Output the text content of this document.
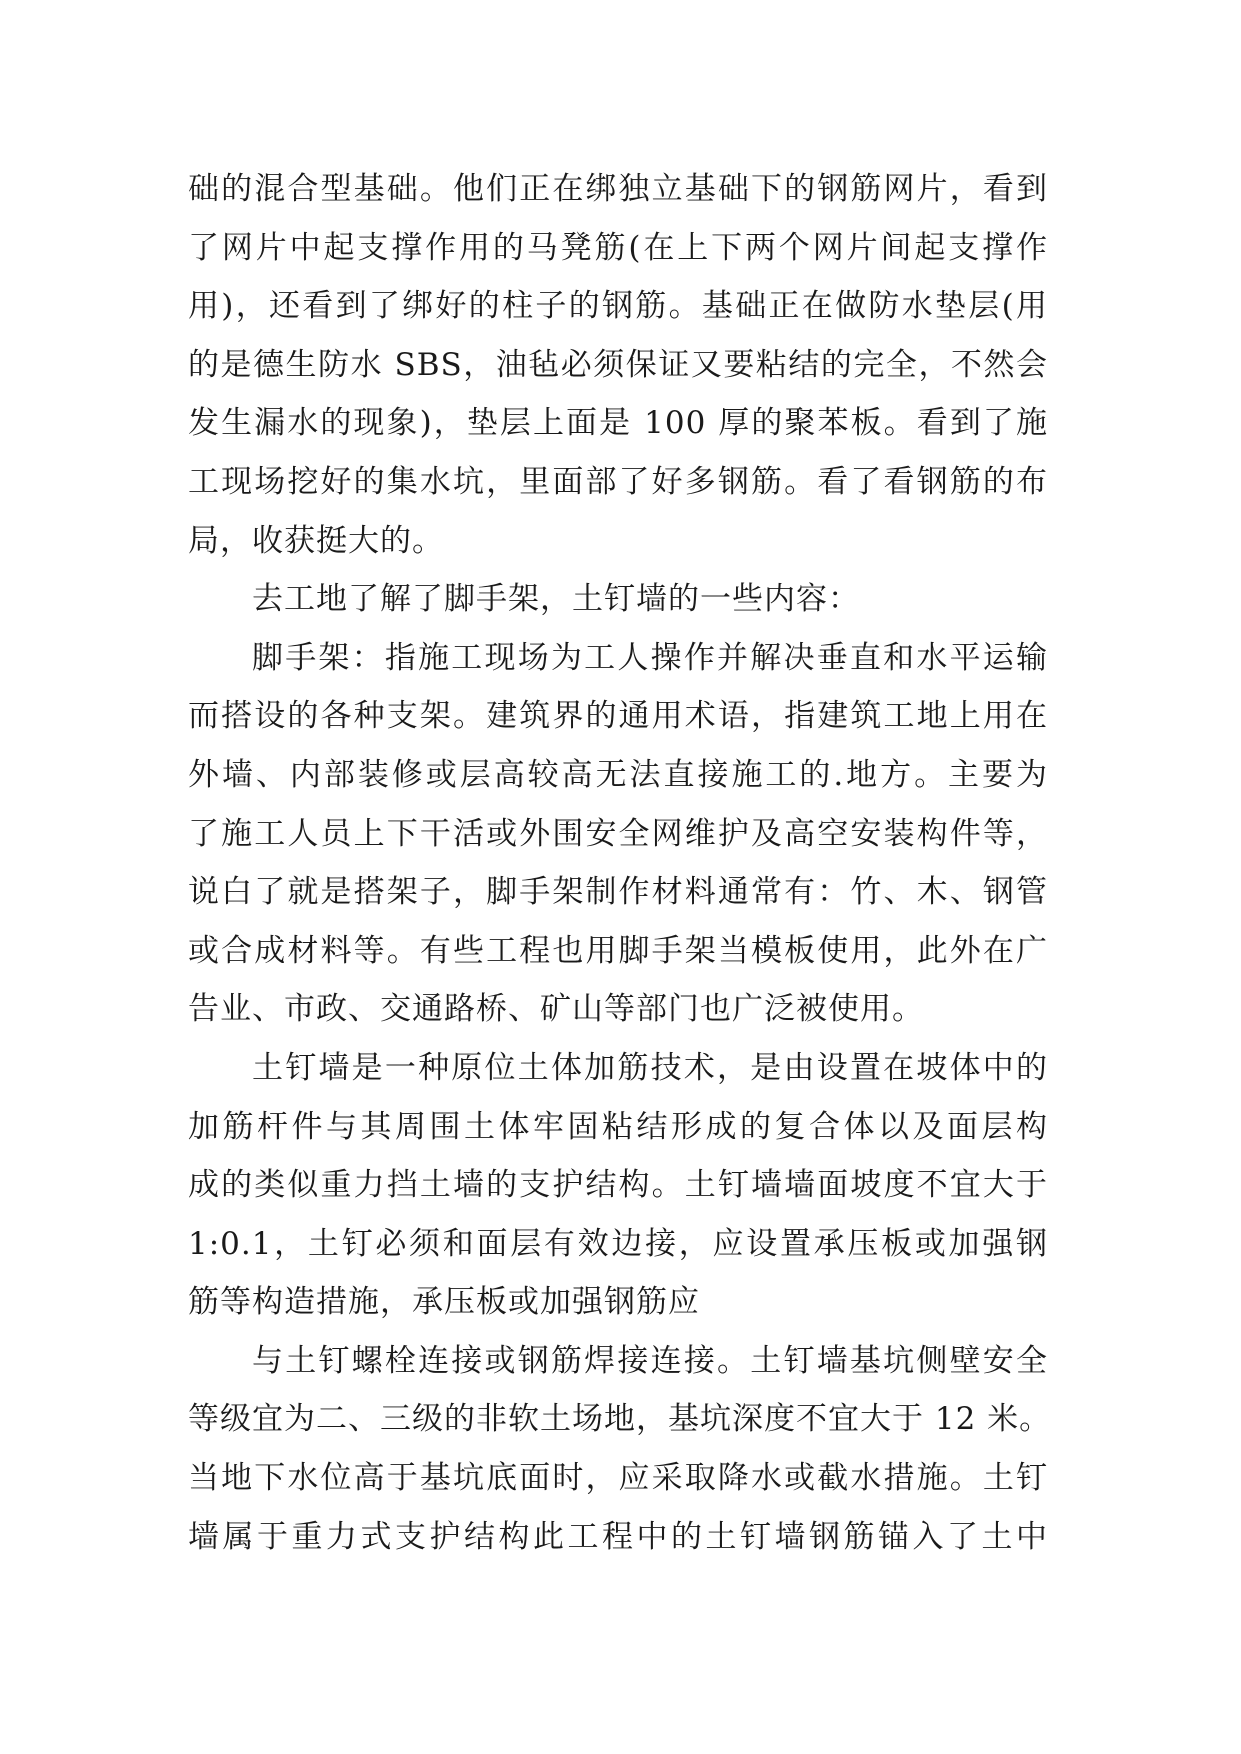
础的混合型基础。他们正在绑独立基础下的钢筋网片，看到
了网片中起支撑作用的马凳筋(在上下两个网片间起支撑作
用)，还看到了绑好的柱子的钢筋。基础正在做防水垫层(用
的是德生防水 SBS，油毡必须保证又要粘结的完全，不然会
发生漏水的现象)，垫层上面是 100 厚的聚苯板。看到了施
工现场挖好的集水坑，里面部了好多钢筋。看了看钢筋的布
局，收获挺大的。
去工地了解了脚手架，土钉墙的一些内容：
脚手架：指施工现场为工人操作并解决垂直和水平运输
而搭设的各种支架。建筑界的通用术语，指建筑工地上用在
外墙、内部装修或层高较高无法直接施工的.地方。主要为
了施工人员上下干活或外围安全网维护及高空安装构件等，
说白了就是搭架子，脚手架制作材料通常有：竹、木、钢管
或合成材料等。有些工程也用脚手架当模板使用，此外在广
告业、市政、交通路桥、矿山等部门也广泛被使用。
土钉墙是一种原位土体加筋技术，是由设置在坡体中的
加筋杆件与其周围土体牢固粘结形成的复合体以及面层构
成的类似重力挡土墙的支护结构。土钉墙墙面坡度不宜大于
1:0.1，土钉必须和面层有效边接，应设置承压板或加强钢
筋等构造措施，承压板或加强钢筋应
与土钉螺栓连接或钢筋焊接连接。土钉墙基坑侧壁安全
等级宜为二、三级的非软土场地，基坑深度不宜大于 12 米。
当地下水位高于基坑底面时，应采取降水或截水措施。土钉
墙属于重力式支护结构此工程中的土钉墙钢筋锚入了土中
